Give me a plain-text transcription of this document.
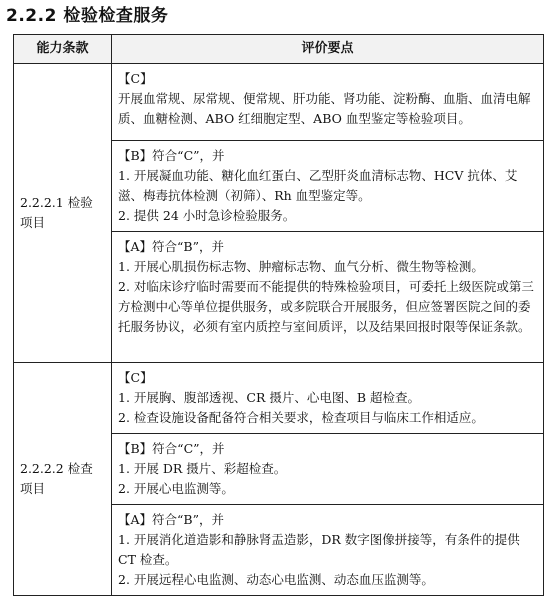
2.2.2 检验检查服务
能力条款	评价要点
2.2.2.1 检验项目	【C】
开展血常规、尿常规、便常规、肝功能、肾功能、淀粉酶、血脂、血清电解质、血糖检测、ABO 红细胞定型、ABO 血型鉴定等检验项目。

	【B】符合“C”，并
1. 开展凝血功能、糖化血红蛋白、乙型肝炎血清标志物、HCV 抗体、艾滋、梅毒抗体检测（初筛）、Rh 血型鉴定等。
2. 提供 24 小时急诊检验服务。

	【A】符合“B”，并
1. 开展心肌损伤标志物、肿瘤标志物、血气分析、微生物等检测。
2. 对临床诊疗临时需要而不能提供的特殊检验项目，可委托上级医院或第三方检测中心等单位提供服务，或多院联合开展服务，但应签署医院之间的委托服务协议，必须有室内质控与室间质评，以及结果回报时限等保证条款。

2.2.2.2 检查项目	【C】
1. 开展胸、腹部透视、CR 摄片、心电图、B 超检查。
2. 检查设施设备配备符合相关要求，检查项目与临床工作相适应。

	【B】符合“C”，并
1. 开展 DR 摄片、彩超检查。
2. 开展心电监测等。

	【A】符合“B”，并
1. 开展消化道造影和静脉肾盂造影，DR 数字图像拼接等，有条件的提供 CT 检查。
2. 开展远程心电监测、动态心电监测、动态血压监测等。
